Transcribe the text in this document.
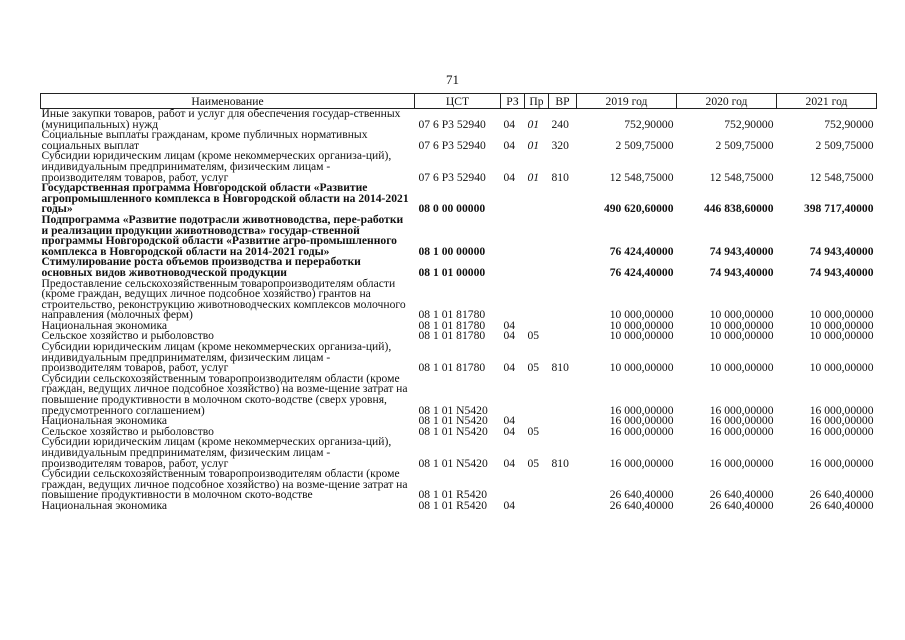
71
Наименование	ЦСТ	РЗ	Пр	ВР	2019 год	2020 год	2021 год
Иные закупки товаров, работ и услуг для обеспечения государ-ственных (муниципальных) нужд	07 6 Р3 52940	04	01	240	752,90000	752,90000	752,90000
Социальные выплаты гражданам, кроме публичных нормативных социальных выплат	07 6 Р3 52940	04	01	320	2 509,75000	2 509,75000	2 509,75000
Субсидии юридическим лицам (кроме некоммерческих организа-ций), индивидуальным предпринимателям, физическим лицам - производителям товаров, работ, услуг	07 6 Р3 52940	04	01	810	12 548,75000	12 548,75000	12 548,75000
Государственная программа Новгородской области «Развитие агропромышленного комплекса в Новгородской области на 2014-2021 годы»	08 0 00 00000				490 620,60000	446 838,60000	398 717,40000
Подпрограмма «Развитие подотрасли животноводства, пере-работки и реализации продукции животноводства» государ-ственной программы Новгородской области «Развитие агро-промышленного комплекса в Новгородской области на 2014-2021 годы»	08 1 00 00000				76 424,40000	74 943,40000	74 943,40000
Стимулирование роста объемов производства и переработки основных видов животноводческой продукции	08 1 01 00000				76 424,40000	74 943,40000	74 943,40000
Предоставление сельскохозяйственным товаропроизводителям области (кроме граждан, ведущих личное подсобное хозяйство) грантов на строительство, реконструкцию животноводческих комплексов молочного направления (молочных ферм)	08 1 01 81780				10 000,00000	10 000,00000	10 000,00000
Национальная экономика	08 1 01 81780	04			10 000,00000	10 000,00000	10 000,00000
Сельское хозяйство и рыболовство	08 1 01 81780	04	05		10 000,00000	10 000,00000	10 000,00000
Субсидии юридическим лицам (кроме некоммерческих организа-ций), индивидуальным предпринимателям, физическим лицам - производителям товаров, работ, услуг	08 1 01 81780	04	05	810	10 000,00000	10 000,00000	10 000,00000
Субсидии сельскохозяйственным товаропроизводителям области (кроме граждан, ведущих личное подсобное хозяйство) на возме-щение затрат на повышение продуктивности в молочном ското-водстве (сверх уровня, предусмотренного соглашением)	08 1 01 N5420				16 000,00000	16 000,00000	16 000,00000
Национальная экономика	08 1 01 N5420	04			16 000,00000	16 000,00000	16 000,00000
Сельское хозяйство и рыболовство	08 1 01 N5420	04	05		16 000,00000	16 000,00000	16 000,00000
Субсидии юридическим лицам (кроме некоммерческих организа-ций), индивидуальным предпринимателям, физическим лицам - производителям товаров, работ, услуг	08 1 01 N5420	04	05	810	16 000,00000	16 000,00000	16 000,00000
Субсидии сельскохозяйственным товаропроизводителям области (кроме граждан, ведущих личное подсобное хозяйство) на возме-щение затрат на повышение продуктивности в молочном ското-водстве	08 1 01 R5420				26 640,40000	26 640,40000	26 640,40000
Национальная экономика	08 1 01 R5420	04			26 640,40000	26 640,40000	26 640,40000
